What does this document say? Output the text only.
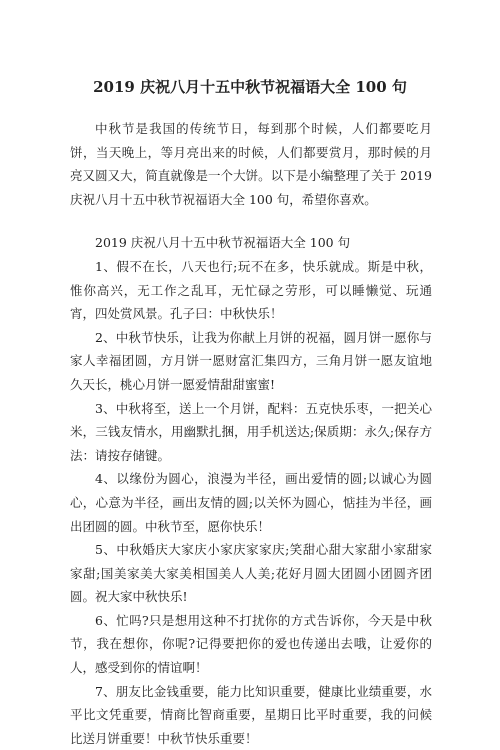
2019 庆祝八月十五中秋节祝福语大全 100 句

中秋节是我国的传统节日，每到那个时候，人们都要吃月饼，当天晚上，等月亮出来的时候，人们都要赏月，那时候的月亮又圆又大，简直就像是一个大饼。以下是小编整理了关于 2019 庆祝八月十五中秋节祝福语大全 100 句，希望你喜欢。

2019 庆祝八月十五中秋节祝福语大全 100 句

1、假不在长，八天也行;玩不在多，快乐就成。斯是中秋，惟你高兴，无工作之乱耳，无忙碌之劳形，可以睡懒觉、玩通宵，四处赏风景。孔子曰：中秋快乐！

2、中秋节快乐，让我为你献上月饼的祝福，圆月饼一愿你与家人幸福团圆，方月饼一愿财富汇集四方，三角月饼一愿友谊地久天长，桃心月饼一愿爱情甜甜蜜蜜!

3、中秋将至，送上一个月饼，配料：五克快乐枣，一把关心米，三钱友情水，用幽默扎捆，用手机送达;保质期：永久;保存方法：请按存储键。

4、以缘份为圆心，浪漫为半径，画出爱情的圆;以诚心为圆心，心意为半径，画出友情的圆;以关怀为圆心，惦挂为半径，画出团圆的圆。中秋节至，愿你快乐！

5、中秋婚庆大家庆小家庆家家庆;笑甜心甜大家甜小家甜家家甜;国美家美大家美相国美人人美;花好月圆大团圆小团圆齐团圆。祝大家中秋快乐!

6、忙吗?只是想用这种不打扰你的方式告诉你，今天是中秋节，我在想你，你呢?记得要把你的爱也传递出去哦，让爱你的人，感受到你的情谊啊！

7、朋友比金钱重要，能力比知识重要，健康比业绩重要，水平比文凭重要，情商比智商重要，星期日比平时重要，我的问候比送月饼重要！中秋节快乐重要！
